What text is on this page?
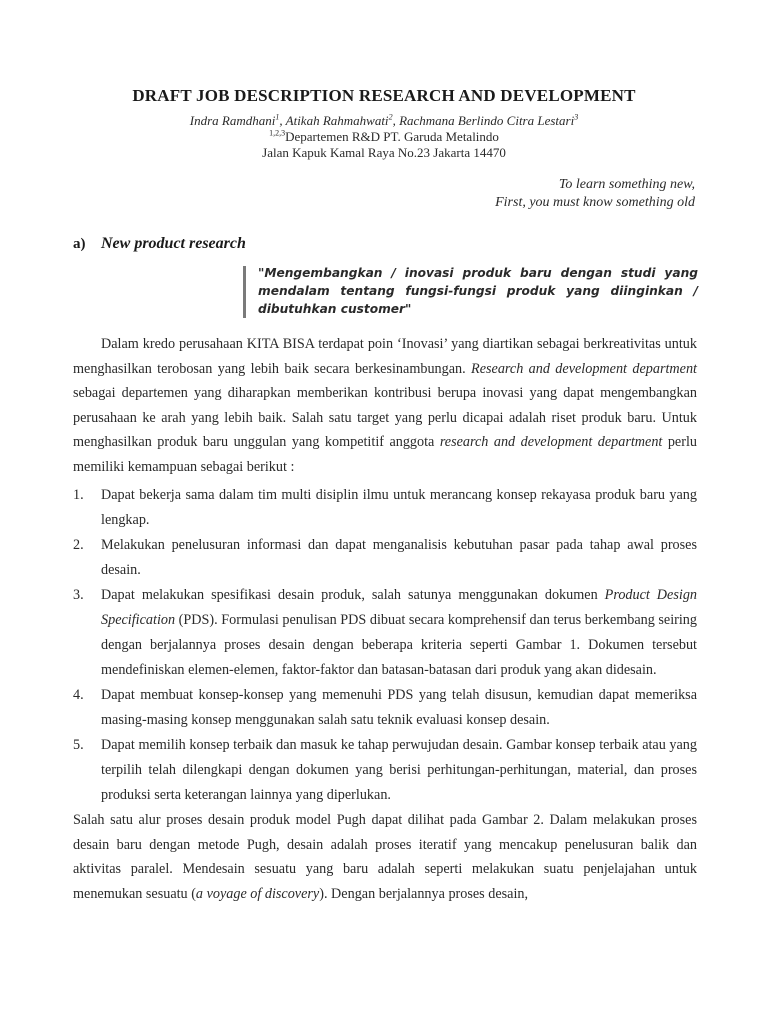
DRAFT JOB DESCRIPTION RESEARCH AND DEVELOPMENT
Indra Ramdhani$^1$, Atikah Rahmahwati$^2$, Rachmana Berlindo Citra Lestari$^3$
$^{1,2,3}$Departemen R&D PT. Garuda Metalindo
Jalan Kapuk Kamal Raya No.23 Jakarta 14470
To learn something new,
First, you must know something old
a) New product research
"Mengembangkan / inovasi produk baru dengan studi yang mendalam tentang fungsi-fungsi produk yang diinginkan / dibutuhkan customer"
Dalam kredo perusahaan KITA BISA terdapat poin ‘Inovasi’ yang diartikan sebagai berkreativitas untuk menghasilkan terobosan yang lebih baik secara berkesinambungan. Research and development department sebagai departemen yang diharapkan memberikan kontribusi berupa inovasi yang dapat mengembangkan perusahaan ke arah yang lebih baik. Salah satu target yang perlu dicapai adalah riset produk baru. Untuk menghasilkan produk baru unggulan yang kompetitif anggota research and development department perlu memiliki kemampuan sebagai berikut :
1. Dapat bekerja sama dalam tim multi disiplin ilmu untuk merancang konsep rekayasa produk baru yang lengkap.
2. Melakukan penelusuran informasi dan dapat menganalisis kebutuhan pasar pada tahap awal proses desain.
3. Dapat melakukan spesifikasi desain produk, salah satunya menggunakan dokumen Product Design Specification (PDS). Formulasi penulisan PDS dibuat secara komprehensif dan terus berkembang seiring dengan berjalannya proses desain dengan beberapa kriteria seperti Gambar 1. Dokumen tersebut mendefiniskan elemen-elemen, faktor-faktor dan batasan-batasan dari produk yang akan didesain.
4. Dapat membuat konsep-konsep yang memenuhi PDS yang telah disusun, kemudian dapat memeriksa masing-masing konsep menggunakan salah satu teknik evaluasi konsep desain.
5. Dapat memilih konsep terbaik dan masuk ke tahap perwujudan desain. Gambar konsep terbaik atau yang terpilih telah dilengkapi dengan dokumen yang berisi perhitungan-perhitungan, material, dan proses produksi serta keterangan lainnya yang diperlukan.
Salah satu alur proses desain produk model Pugh dapat dilihat pada Gambar 2. Dalam melakukan proses desain baru dengan metode Pugh, desain adalah proses iteratif yang mencakup penelusuran balik dan aktivitas paralel. Mendesain sesuatu yang baru adalah seperti melakukan suatu penjelajahan untuk menemukan sesuatu (a voyage of discovery). Dengan berjalannya proses desain,
